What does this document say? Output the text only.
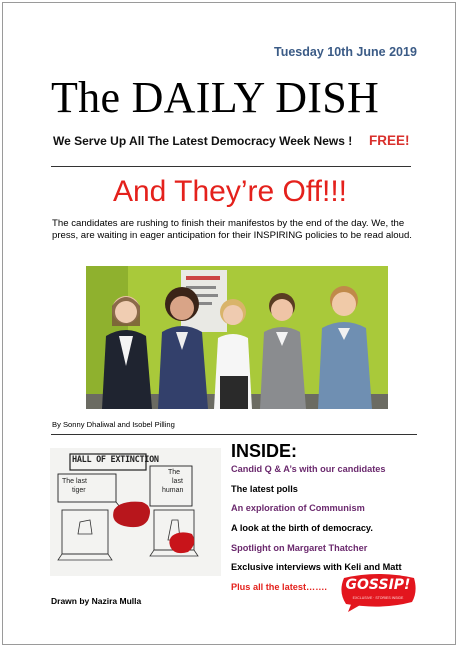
Tuesday 10th June 2019
The DAILY DISH
We Serve Up All The Latest Democracy Week News ! FREE!
And They’re Off!!!
The candidates are rushing to finish their manifestos by the end of the day. We, the press, are waiting in eager anticipation for their INSPIRING policies to be read aloud.
By Sonny Dhaliwal and Isobel Pilling
HALL OF EXTINCTION
The last
tiger
The
last
human
Drawn by Nazira Mulla
INSIDE:
Candid Q & A’s with our candidates
The latest polls
An exploration of Communism
A look at the birth of democracy.
Spotlight on Margaret Thatcher
Exclusive interviews with Keli and Matt
Plus all the latest…….	GOSSIP!
EXCLUSIVE · STORIES INSIDE
